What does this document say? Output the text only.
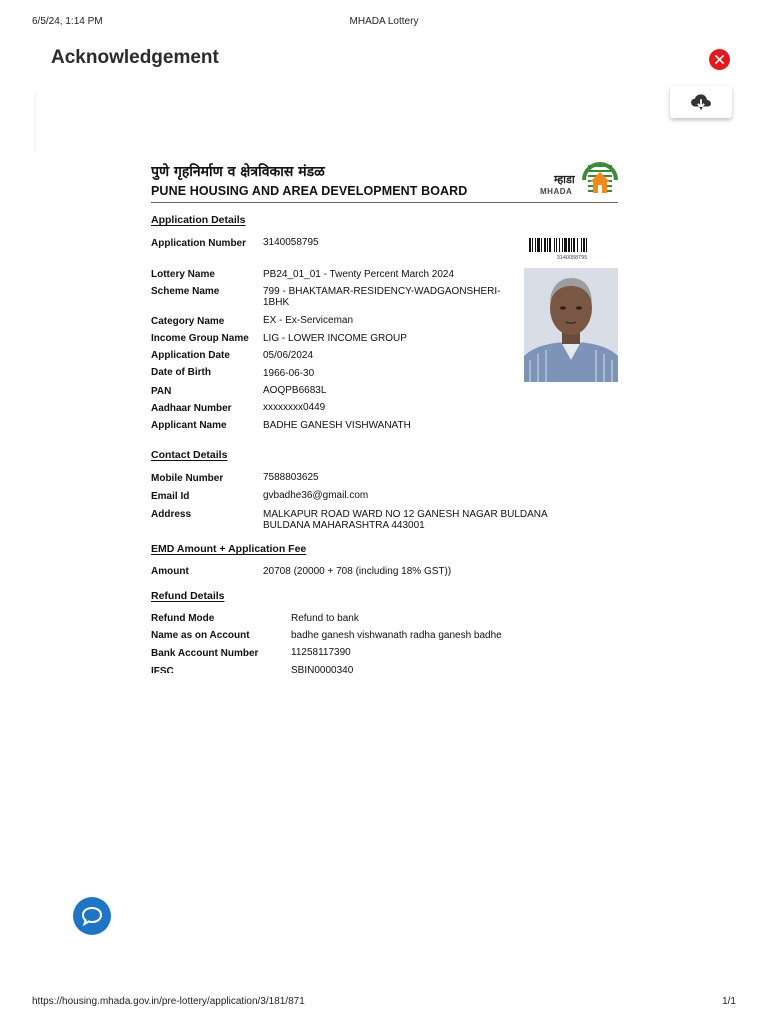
6/5/24, 1:14 PM	MHADA Lottery
Acknowledgement
पुणे गृहनिर्माण व क्षेत्रविकास मंडळ
PUNE HOUSING AND AREA DEVELOPMENT BOARD
म्हाडा
MHADA
Application Details
Application Number 3140058795
3140058795
Lottery Name	PB24_01_01 - Twenty Percent March 2024
Scheme Name	799 - BHAKTAMAR-RESIDENCY-WADGAONSHERI-
1BHK
Category Name	EX - Ex-Serviceman
Income Group Name LIG - LOWER INCOME GROUP
Application Date	05/06/2024
Date of Birth	1966-06-30
PAN	AOQPB6683L
Aadhaar Number	xxxxxxxx0449
Applicant Name	BADHE GANESH VISHWANATH
Contact Details
Mobile Number	7588803625
Email Id	gvbadhe36@gmail.com
Address	MALKAPUR ROAD WARD NO 12 GANESH NAGAR BULDANA
BULDANA MAHARASHTRA 443001
EMD Amount + Application Fee
Amount	20708 (20000 + 708 (including 18% GST))
Refund Details
Refund Mode	Refund to bank
Name as on Account	badhe ganesh vishwanath radha ganesh badhe
Bank Account Number	11258117390
IFSC	SBIN0000340
https://housing.mhada.gov.in/pre-lottery/application/3/181/871	1/1
